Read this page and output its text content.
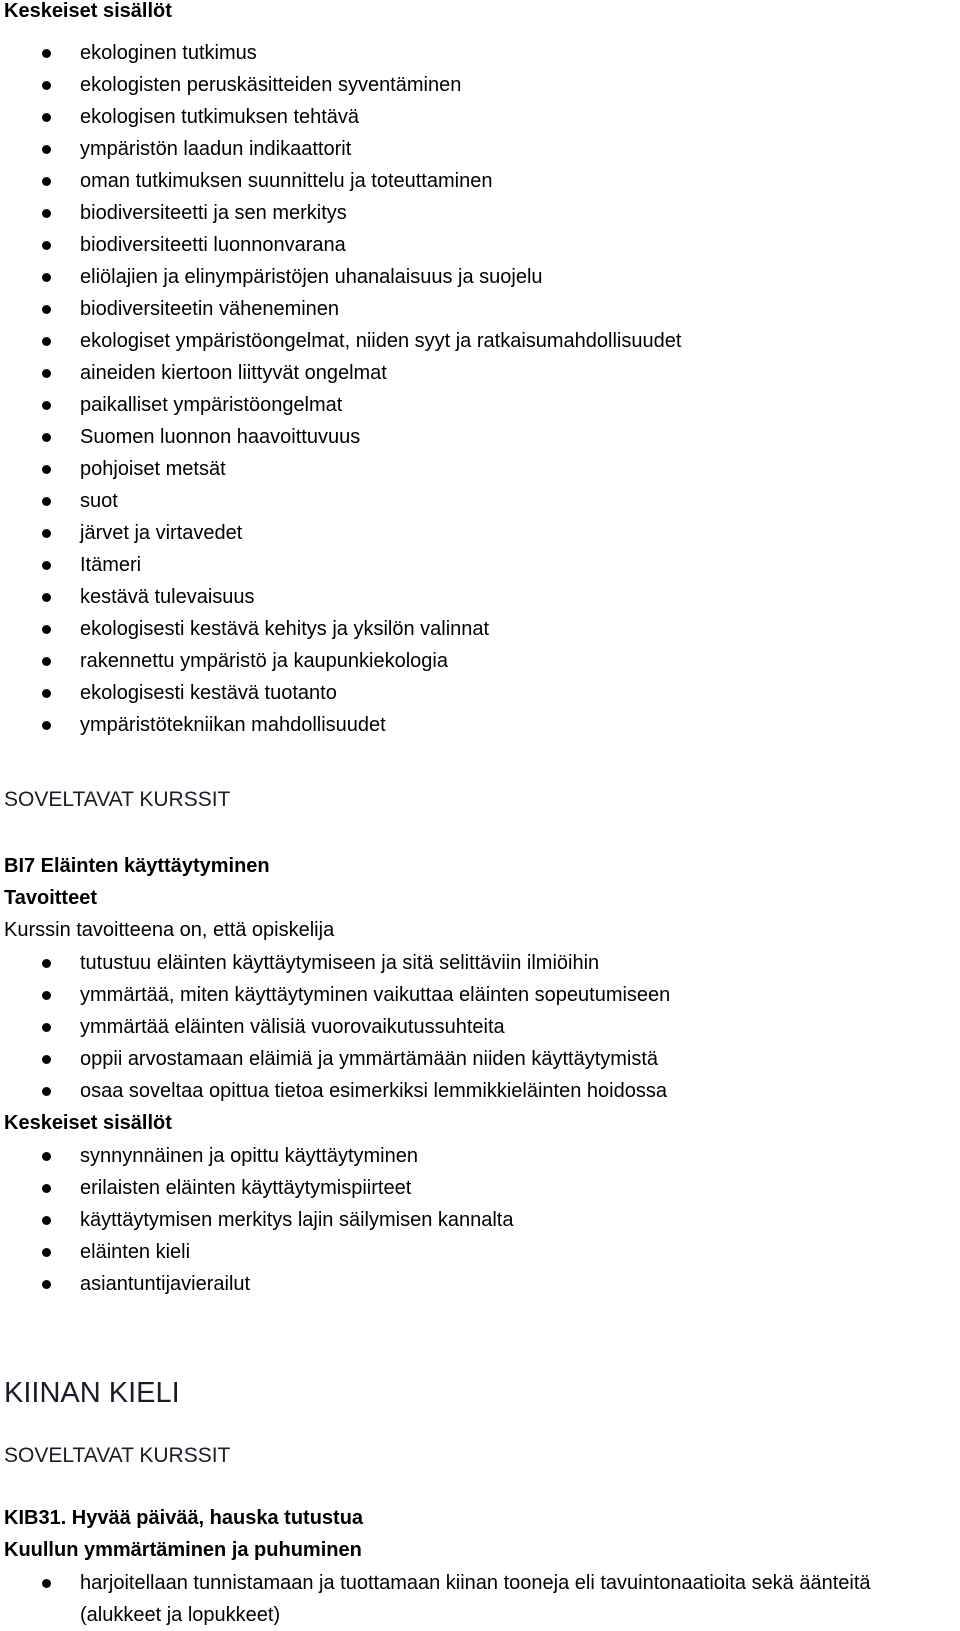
Keskeiset sisällöt
ekologinen tutkimus
ekologisten peruskäsitteiden syventäminen
ekologisen tutkimuksen tehtävä
ympäristön laadun indikaattorit
oman tutkimuksen suunnittelu ja toteuttaminen
biodiversiteetti ja sen merkitys
biodiversiteetti luonnonvarana
eliölajien ja elinympäristöjen uhanalaisuus ja suojelu
biodiversiteetin väheneminen
ekologiset ympäristöongelmat, niiden syyt ja ratkaisumahdollisuudet
aineiden kiertoon liittyvät ongelmat
paikalliset ympäristöongelmat
Suomen luonnon haavoittuvuus
pohjoiset metsät
suot
järvet ja virtavedet
Itämeri
kestävä tulevaisuus
ekologisesti kestävä kehitys ja yksilön valinnat
rakennettu ympäristö ja kaupunkiekologia
ekologisesti kestävä tuotanto
ympäristötekniikan mahdollisuudet
SOVELTAVAT KURSSIT
BI7 Eläinten käyttäytyminen
Tavoitteet
Kurssin tavoitteena on, että opiskelija
tutustuu eläinten käyttäytymiseen ja sitä selittäviin ilmiöihin
ymmärtää, miten käyttäytyminen vaikuttaa eläinten sopeutumiseen
ymmärtää eläinten välisiä vuorovaikutussuhteita
oppii arvostamaan eläimiä ja ymmärtämään niiden käyttäytymistä
osaa soveltaa opittua tietoa esimerkiksi lemmikkieläinten hoidossa
Keskeiset sisällöt
synnynnäinen ja opittu käyttäytyminen
erilaisten eläinten käyttäytymispiirteet
käyttäytymisen merkitys lajin säilymisen kannalta
eläinten kieli
asiantuntijavierailut
KIINAN KIELI
SOVELTAVAT KURSSIT
KIB31. Hyvää päivää, hauska tutustua
Kuullun ymmärtäminen ja puhuminen
harjoitellaan tunnistamaan ja tuottamaan kiinan tooneja eli tavuintonaatioita sekä äänteitä (alukkeet ja lopukkeet)
